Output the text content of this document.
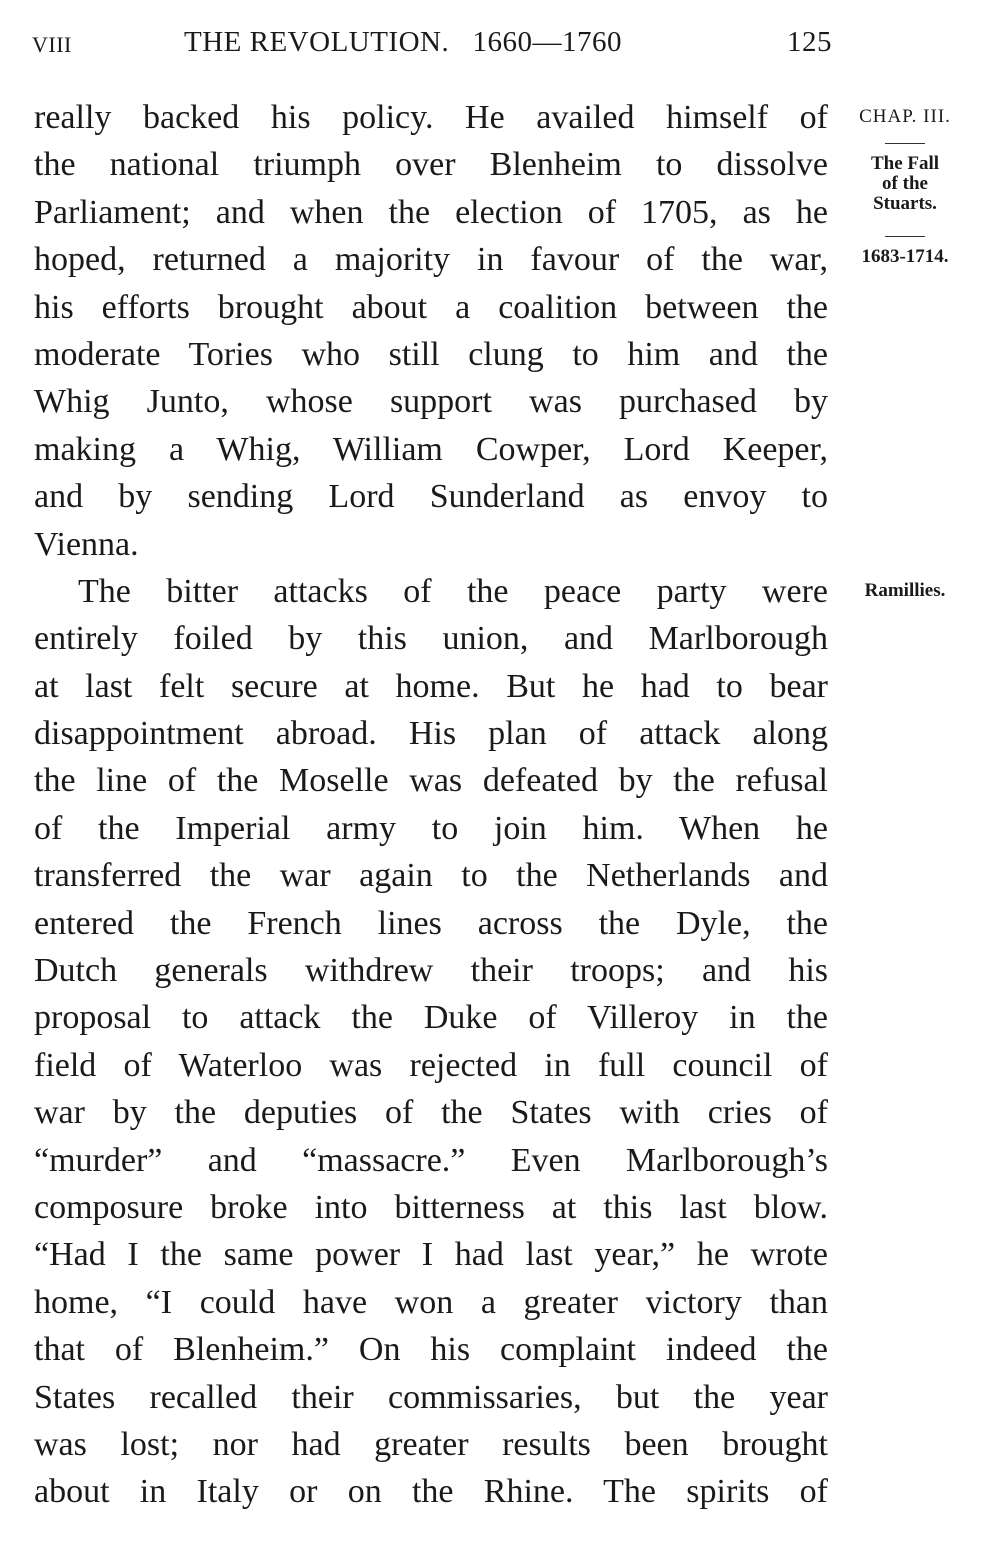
VIII	THE REVOLUTION.   1660—1760	125
CHAP. III.
The Fall
of the
Stuarts.
1683-1714.
Ramillies.
really backed his policy. He availed himself of
the national triumph over Blenheim to dissolve
Parliament; and when the election of 1705, as he
hoped, returned a majority in favour of the war,
his efforts brought about a coalition between the
moderate Tories who still clung to him and the
Whig Junto, whose support was purchased by
making a Whig, William Cowper, Lord Keeper,
and by sending Lord Sunderland as envoy to
Vienna.
The bitter attacks of the peace party were
entirely foiled by this union, and Marlborough
at last felt secure at home. But he had to bear
disappointment abroad. His plan of attack along
the line of the Moselle was defeated by the refusal
of the Imperial army to join him. When he
transferred the war again to the Netherlands and
entered the French lines across the Dyle, the
Dutch generals withdrew their troops; and his
proposal to attack the Duke of Villeroy in the
field of Waterloo was rejected in full council of
war by the deputies of the States with cries of
“murder” and “massacre.” Even Marlborough’s
composure broke into bitterness at this last blow.
“Had I the same power I had last year,” he wrote
home, “I could have won a greater victory than
that of Blenheim.” On his complaint indeed the
States recalled their commissaries, but the year
was lost; nor had greater results been brought
about in Italy or on the Rhine. The spirits of
